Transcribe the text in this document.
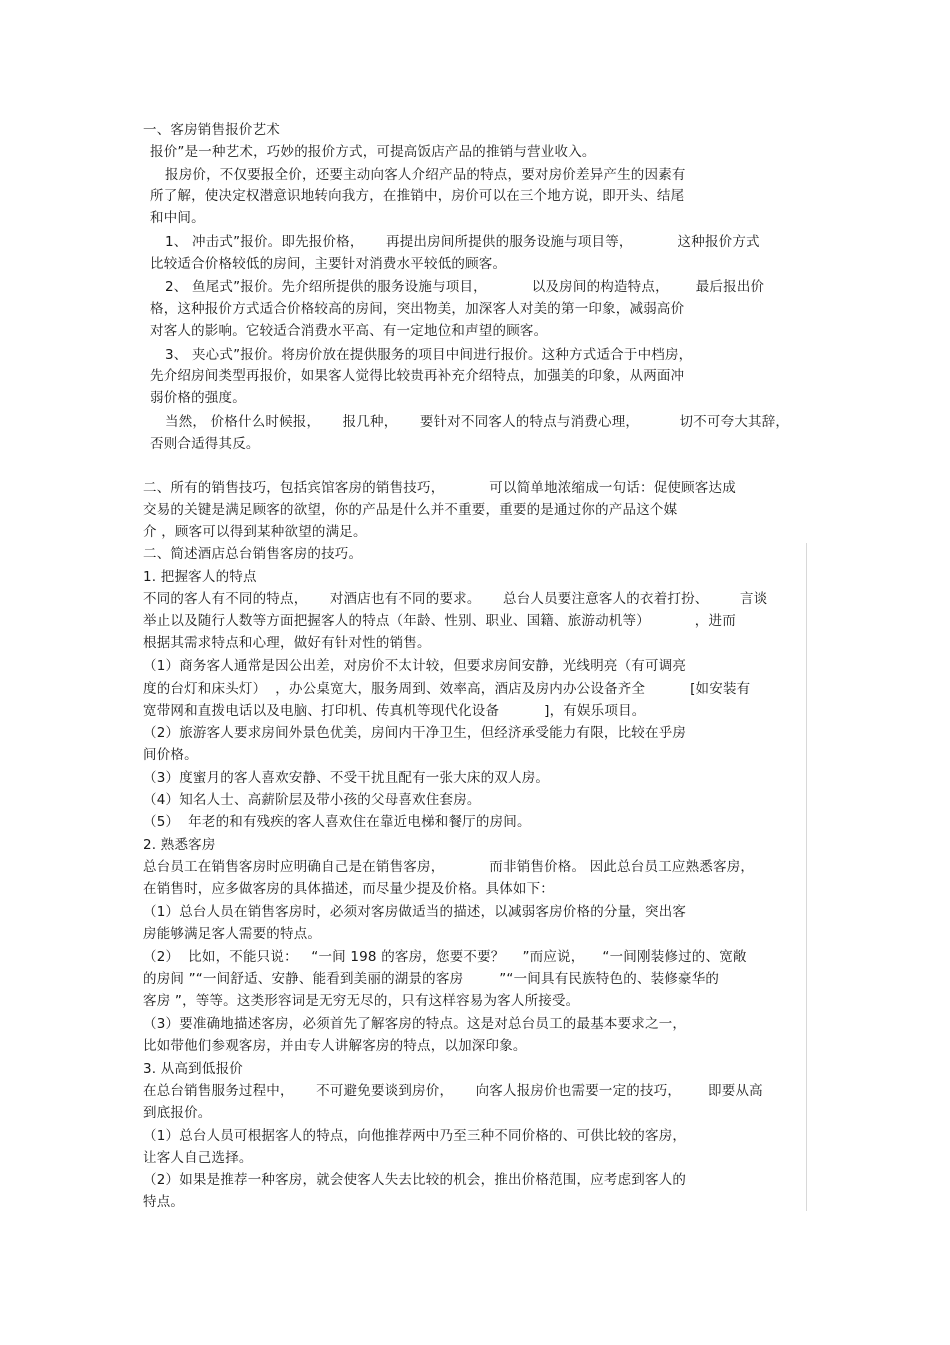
一、客房销售报价艺术
报价”是一种艺术，巧妙的报价方式，可提高饭店产品的推销与营业收入。
报房价，不仅要报全价，还要主动向客人介绍产品的特点，要对房价差异产生的因素有
所了解，使决定权潜意识地转向我方，在推销中，房价可以在三个地方说，即开头、结尾
和中间。
1、 冲击式”报价。即先报价格，     再提出房间所提供的服务设施与项目等，          这种报价方式
比较适合价格较低的房间，主要针对消费水平较低的顾客。
2、 鱼尾式”报价。先介绍所提供的服务设施与项目，          以及房间的构造特点，      最后报出价
格，这种报价方式适合价格较高的房间，突出物美，加深客人对美的第一印象，减弱高价
对客人的影响。它较适合消费水平高、有一定地位和声望的顾客。
3、 夹心式”报价。将房价放在提供服务的项目中间进行报价。这种方式适合于中档房，
先介绍房间类型再报价，如果客人觉得比较贵再补充介绍特点，加强美的印象，从两面冲
弱价格的强度。
当然， 价格什么时候报，     报几种，     要针对不同客人的特点与消费心理，         切不可夸大其辞，
否则合适得其反。
二、所有的销售技巧，包括宾馆客房的销售技巧，          可以简单地浓缩成一句话：促使顾客达成
交易的关键是满足顾客的欲望，你的产品是什么并不重要，重要的是通过你的产品这个媒
介 ，顾客可以得到某种欲望的满足。
二、简述酒店总台销售客房的技巧。
1. 把握客人的特点
不同的客人有不同的特点，     对酒店也有不同的要求。     总台人员要注意客人的衣着打扮、       言谈
举止以及随行人数等方面把握客人的特点（年龄、性别、职业、国籍、旅游动机等）          ，进而
根据其需求特点和心理，做好有针对性的销售。
（1）商务客人通常是因公出差，对房价不太计较，但要求房间安静，光线明亮（有可调亮
度的台灯和床头灯）  ，办公桌宽大，服务周到、效率高，酒店及房内办公设备齐全          [如安装有
宽带网和直拨电话以及电脑、打印机、传真机等现代化设备          ]，有娱乐项目。
（2）旅游客人要求房间外景色优美，房间内干净卫生，但经济承受能力有限，比较在乎房
间价格。
（3）度蜜月的客人喜欢安静、不受干扰且配有一张大床的双人房。
（4）知名人士、高薪阶层及带小孩的父母喜欢住套房。
（5）  年老的和有残疾的客人喜欢住在靠近电梯和餐厅的房间。
2. 熟悉客房
总台员工在销售客房时应明确自己是在销售客房，          而非销售价格。 因此总台员工应熟悉客房，
在销售时，应多做客房的具体描述，而尽量少提及价格。具体如下：
（1）总台人员在销售客房时，必须对客房做适当的描述，以减弱客房价格的分量，突出客
房能够满足客人需要的特点。
（2）  比如，不能只说：   “一间 198 的客房，您要不要？    ”而应说，    “一间刚装修过的、宽敞
的房间 ”“一间舒适、安静、能看到美丽的湖景的客房        ”“一间具有民族特色的、装修豪华的
客房 ”，等等。这类形容词是无穷无尽的，只有这样容易为客人所接受。
（3）要准确地描述客房，必须首先了解客房的特点。这是对总台员工的最基本要求之一，
比如带他们参观客房，并由专人讲解客房的特点，以加深印象。
3. 从高到低报价
在总台销售服务过程中，     不可避免要谈到房价，     向客人报房价也需要一定的技巧，      即要从高
到底报价。
（1）总台人员可根据客人的特点，向他推荐两中乃至三种不同价格的、可供比较的客房，
让客人自己选择。
（2）如果是推荐一种客房，就会使客人失去比较的机会，推出价格范围，应考虑到客人的
特点。
